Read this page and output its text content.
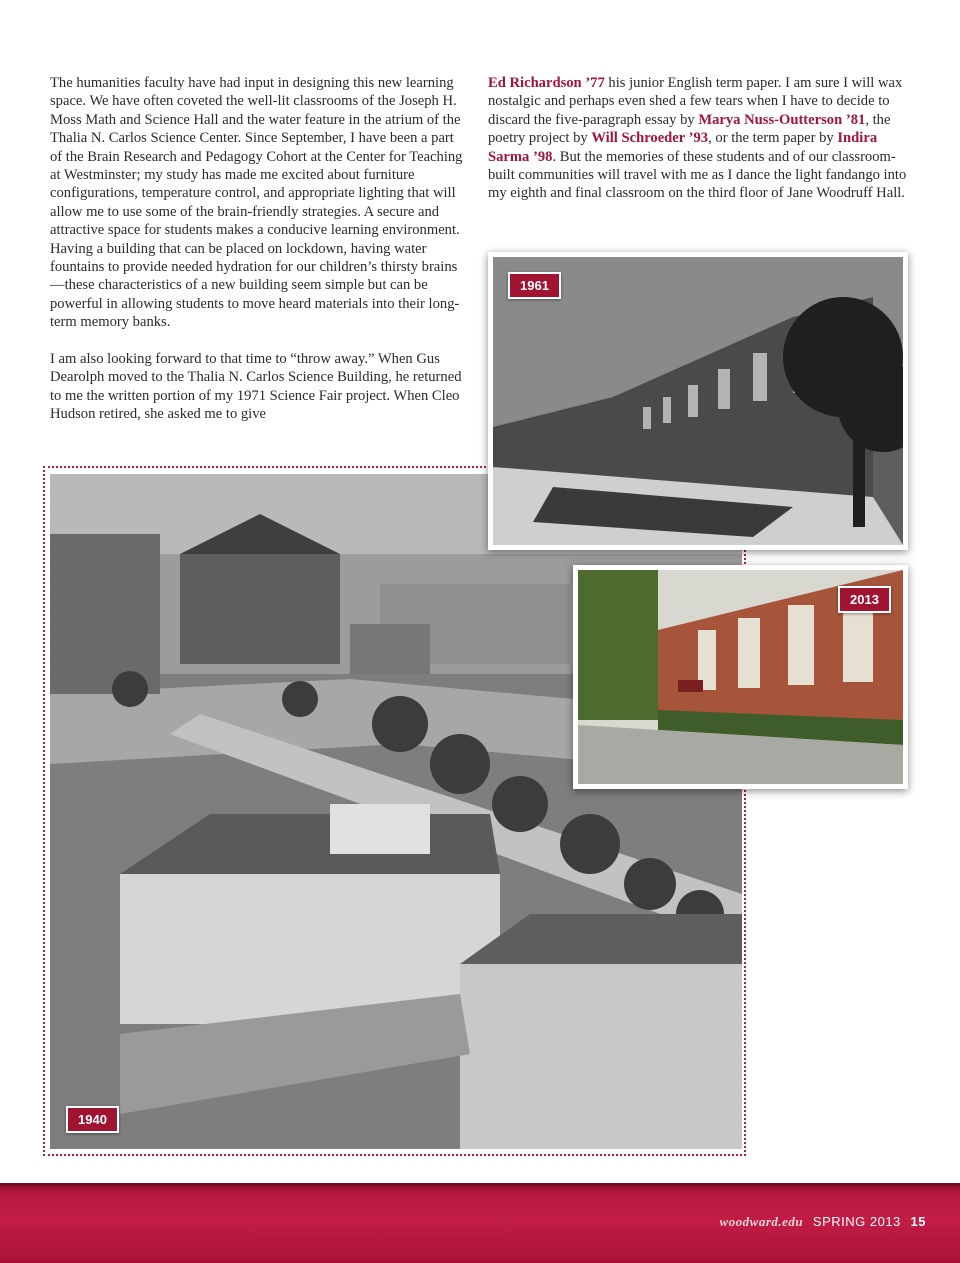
The humanities faculty have had input in designing this new learning space. We have often coveted the well-lit classrooms of the Joseph H. Moss Math and Science Hall and the water feature in the atrium of the Thalia N. Carlos Science Center. Since September, I have been a part of the Brain Research and Pedagogy Cohort at the Center for Teaching at Westminster; my study has made me excited about furniture configurations, temperature control, and appropriate lighting that will allow me to use some of the brain-friendly strategies. A secure and attractive space for students makes a conducive learning environment. Having a building that can be placed on lockdown, having water fountains to provide needed hydration for our children’s thirsty brains—these characteristics of a new building seem simple but can be powerful in allowing students to move heard materials into their long-term memory banks.

I am also looking forward to that time to “throw away.” When Gus Dearolph moved to the Thalia N. Carlos Science Building, he returned to me the written portion of my 1971 Science Fair project. When Cleo Hudson retired, she asked me to give

Ed Richardson ’77 his junior English term paper. I am sure I will wax nostalgic and perhaps even shed a few tears when I have to decide to discard the five-paragraph essay by Marya Nuss-Outterson ’81, the poetry project by Will Schroeder ’93, or the term paper by Indira Sarma ’98. But the memories of these students and of our classroom-built communities will travel with me as I dance the light fandango into my eighth and final classroom on the third floor of Jane Woodruff Hall.

1961
2013
1940
woodward.edu SPRING 2013 15
